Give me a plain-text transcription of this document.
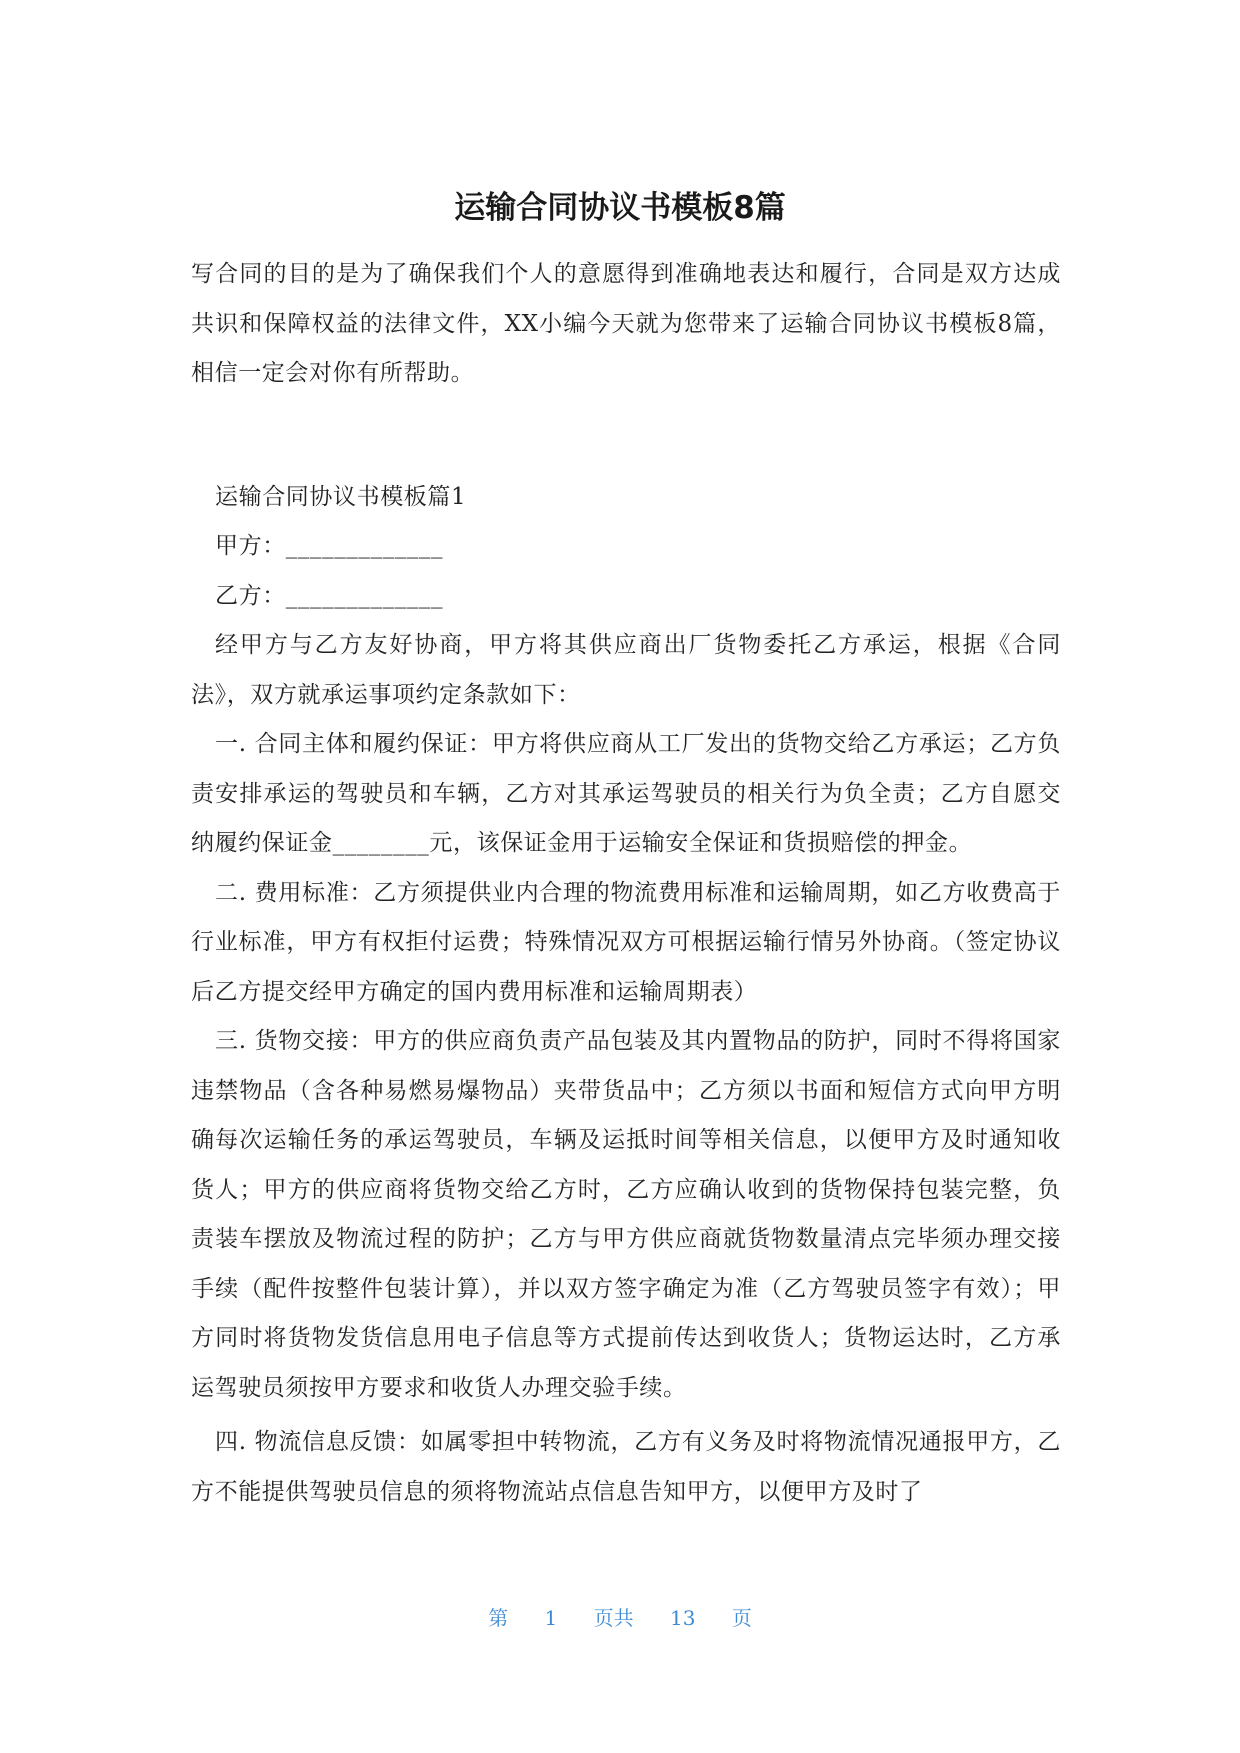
运输合同协议书模板8篇

写合同的目的是为了确保我们个人的意愿得到准确地表达和履行，合同是双方达成共识和保障权益的法律文件，XX小编今天就为您带来了运输合同协议书模板8篇，相信一定会对你有所帮助。

运输合同协议书模板篇1

甲方：_____________

乙方：_____________

经甲方与乙方友好协商，甲方将其供应商出厂货物委托乙方承运，根据《合同法》，双方就承运事项约定条款如下：

一. 合同主体和履约保证：甲方将供应商从工厂发出的货物交给乙方承运；乙方负责安排承运的驾驶员和车辆，乙方对其承运驾驶员的相关行为负全责；乙方自愿交纳履约保证金________元，该保证金用于运输安全保证和货损赔偿的押金。

二. 费用标准：乙方须提供业内合理的物流费用标准和运输周期，如乙方收费高于行业标准，甲方有权拒付运费；特殊情况双方可根据运输行情另外协商。（签定协议后乙方提交经甲方确定的国内费用标准和运输周期表）

三. 货物交接：甲方的供应商负责产品包装及其内置物品的防护，同时不得将国家违禁物品（含各种易燃易爆物品）夹带货品中；乙方须以书面和短信方式向甲方明确每次运输任务的承运驾驶员，车辆及运抵时间等相关信息，以便甲方及时通知收货人；甲方的供应商将货物交给乙方时，乙方应确认收到的货物保持包装完整，负责装车摆放及物流过程的防护；乙方与甲方供应商就货物数量清点完毕须办理交接手续（配件按整件包装计算），并以双方签字确定为准（乙方驾驶员签字有效）；甲方同时将货物发货信息用电子信息等方式提前传达到收货人；货物运达时，乙方承运驾驶员须按甲方要求和收货人办理交验手续。

四. 物流信息反馈：如属零担中转物流，乙方有义务及时将物流情况通报甲方，乙方不能提供驾驶员信息的须将物流站点信息告知甲方，以便甲方及时了

第 1 页共 13 页
